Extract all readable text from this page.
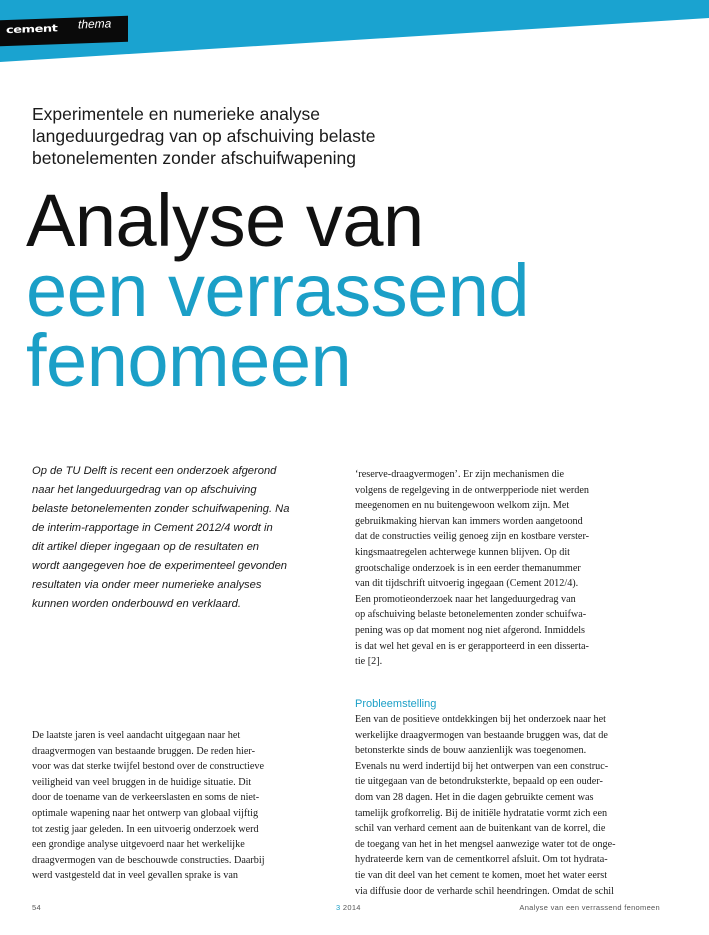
cement thema
Experimentele en numerieke analyse
langeduurgedrag van op afschuiving belaste
betonelementen zonder afschuifwapening
Analyse van
een verrassend
fenomeen
Op de TU Delft is recent een onderzoek afgerond
naar het langeduurgedrag van op afschuiving
belaste betonelementen zonder schuifwapening. Na
de interim-rapportage in Cement 2012/4 wordt in
dit artikel dieper ingegaan op de resultaten en
wordt aangegeven hoe de experimenteel gevonden
resultaten via onder meer numerieke analyses
kunnen worden onderbouwd en verklaard.
De laatste jaren is veel aandacht uitgegaan naar het
draagvermogen van bestaande bruggen. De reden hier-
voor was dat sterke twijfel bestond over de constructieve
veiligheid van veel bruggen in de huidige situatie. Dit
door de toename van de verkeerslasten en soms de niet-
optimale wapening naar het ontwerp van globaal vijftig
tot zestig jaar geleden. In een uitvoerig onderzoek werd
een grondige analyse uitgevoerd naar het werkelijke
draagvermogen van de beschouwde constructies. Daarbij
werd vastgesteld dat in veel gevallen sprake is van
‘reserve-draagvermogen’. Er zijn mechanismen die
volgens de regelgeving in de ontwerpperiode niet werden
meegenomen en nu buitengewoon welkom zijn. Met
gebruikmaking hiervan kan immers worden aangetoond
dat de constructies veilig genoeg zijn en kostbare verster-
kingsmaatregelen achterwege kunnen blijven. Op dit
grootschalige onderzoek is in een eerder themanummer
van dit tijdschrift uitvoerig ingegaan (Cement 2012/4).
Een promotieonderzoek naar het langeduurgedrag van
op afschuiving belaste betonelementen zonder schuifwa-
pening was op dat moment nog niet afgerond. Inmiddels
is dat wel het geval en is er gerapporteerd in een disserta-
tie [2].
Probleemstelling
Een van de positieve ontdekkingen bij het onderzoek naar het
werkelijke draagvermogen van bestaande bruggen was, dat de
betonsterkte sinds de bouw aanzienlijk was toegenomen.
Evenals nu werd indertijd bij het ontwerpen van een construc-
tie uitgegaan van de betondruksterkte, bepaald op een ouder-
dom van 28 dagen. Het in die dagen gebruikte cement was
tamelijk grofkorrelig. Bij de initiële hydratatie vormt zich een
schil van verhard cement aan de buitenkant van de korrel, die
de toegang van het in het mengsel aanwezige water tot de onge-
hydrateerde kern van de cementkorrel afsluit. Om tot hydrata-
tie van dit deel van het cement te komen, moet het water eerst
via diffusie door de verharde schil heendringen. Omdat de schil
54	3 2014	Analyse van een verrassend fenomeen
